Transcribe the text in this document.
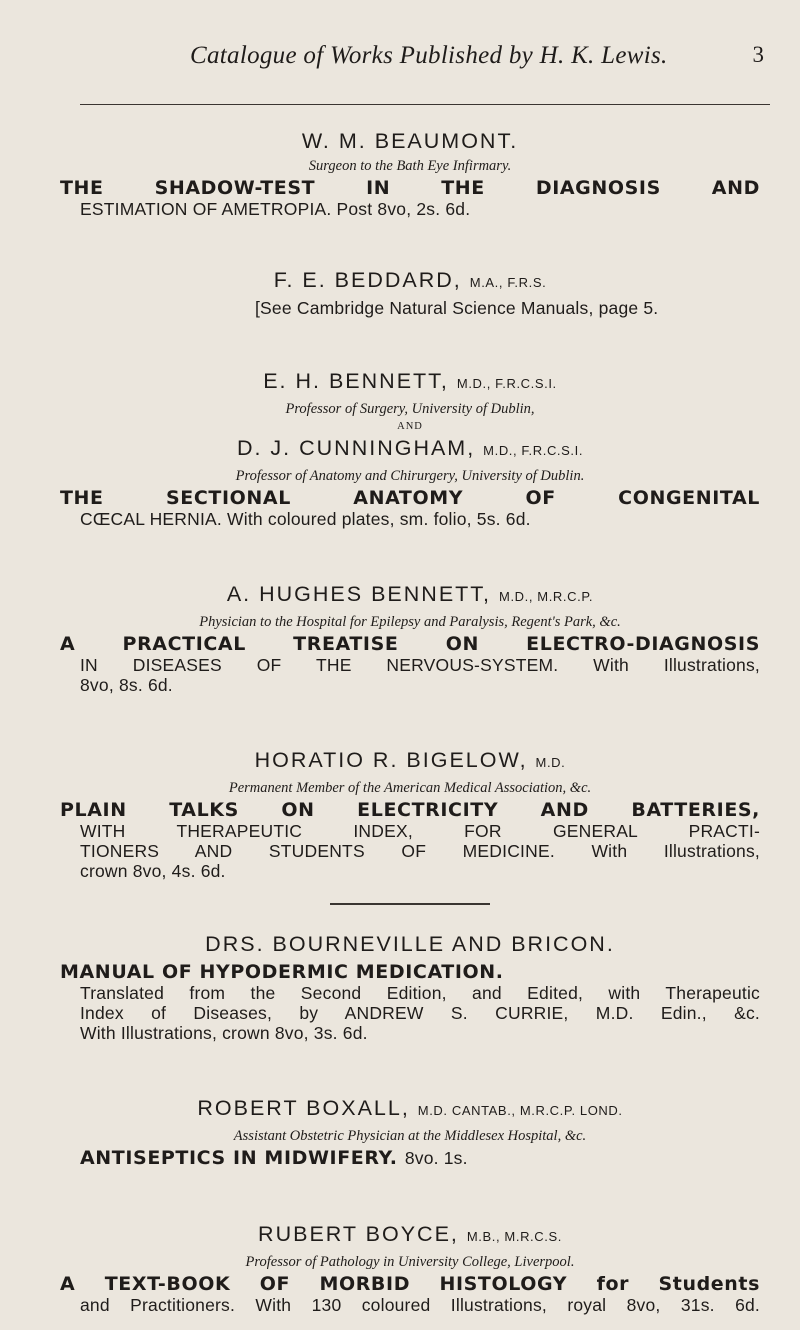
Catalogue of Works Published by H. K. Lewis.	3
W. M. BEAUMONT.
Surgeon to the Bath Eye Infirmary.
THE SHADOW-TEST IN THE DIAGNOSIS AND
ESTIMATION OF AMETROPIA. Post 8vo, 2s. 6d.
F. E. BEDDARD, M.A., F.R.S.
[See Cambridge Natural Science Manuals, page 5.
E. H. BENNETT, M.D., F.R.C.S.I.
Professor of Surgery, University of Dublin,
AND
D. J. CUNNINGHAM, M.D., F.R.C.S.I.
Professor of Anatomy and Chirurgery, University of Dublin.
THE SECTIONAL ANATOMY OF CONGENITAL
CŒCAL HERNIA. With coloured plates, sm. folio, 5s. 6d.
A. HUGHES BENNETT, M.D., M.R.C.P.
Physician to the Hospital for Epilepsy and Paralysis, Regent's Park, &c.
A PRACTICAL TREATISE ON ELECTRO-DIAGNOSIS
IN DISEASES OF THE NERVOUS-SYSTEM. With Illustrations,
8vo, 8s. 6d.
HORATIO R. BIGELOW, M.D.
Permanent Member of the American Medical Association, &c.
PLAIN TALKS ON ELECTRICITY AND BATTERIES,
WITH THERAPEUTIC INDEX, FOR GENERAL PRACTI-
TIONERS AND STUDENTS OF MEDICINE. With Illustrations,
crown 8vo, 4s. 6d.
DRS. BOURNEVILLE AND BRICON.
MANUAL OF HYPODERMIC MEDICATION.
Translated from the Second Edition, and Edited, with Therapeutic
Index of Diseases, by ANDREW S. CURRIE, M.D. Edin., &c.
With Illustrations, crown 8vo, 3s. 6d.
ROBERT BOXALL, M.D. CANTAB., M.R.C.P. LOND.
Assistant Obstetric Physician at the Middlesex Hospital, &c.
ANTISEPTICS IN MIDWIFERY. 8vo. 1s.
RUBERT BOYCE, M.B., M.R.C.S.
Professor of Pathology in University College, Liverpool.
A TEXT-BOOK OF MORBID HISTOLOGY for Students
and Practitioners. With 130 coloured Illustrations, royal 8vo, 31s. 6d.
